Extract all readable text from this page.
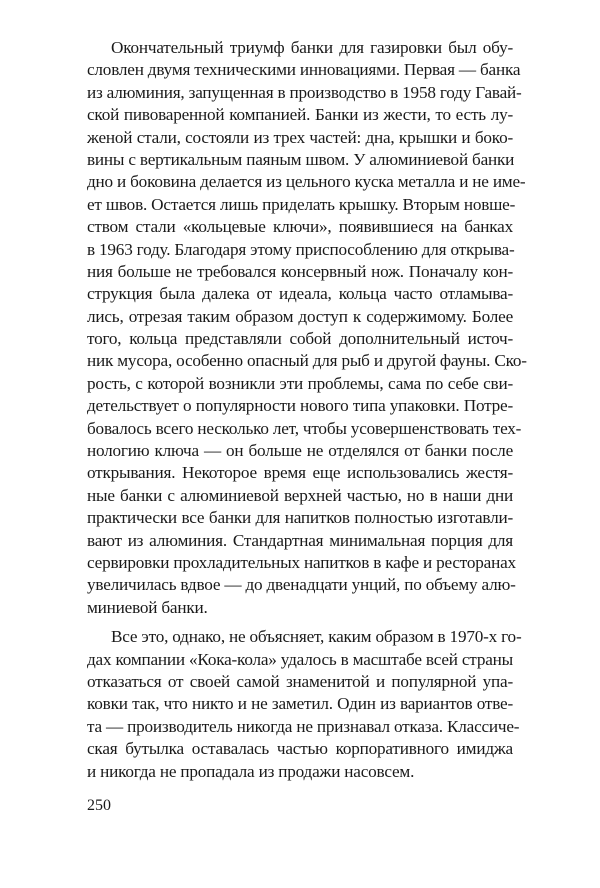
Окончательный триумф банки для газировки был обу-
словлен двумя техническими инновациями. Первая — банка
из алюминия, запущенная в производство в 1958 году Гавай-
ской пивоваренной компанией. Банки из жести, то есть лу-
женой стали, состояли из трех частей: дна, крышки и боко-
вины с вертикальным паяным швом. У алюминиевой банки
дно и боковина делается из цельного куска металла и не име-
ет швов. Остается лишь приделать крышку. Вторым новше-
ством стали «кольцевые ключи», появившиеся на банках
в 1963 году. Благодаря этому приспособлению для открыва-
ния больше не требовался консервный нож. Поначалу кон-
струкция была далека от идеала, кольца часто отламыва-
лись, отрезая таким образом доступ к содержимому. Более
того, кольца представляли собой дополнительный источ-
ник мусора, особенно опасный для рыб и другой фауны. Ско-
рость, с которой возникли эти проблемы, сама по себе сви-
детельствует о популярности нового типа упаковки. Потре-
бовалось всего несколько лет, чтобы усовершенствовать тех-
нологию ключа — он больше не отделялся от банки после
открывания. Некоторое время еще использовались жестя-
ные банки с алюминиевой верхней частью, но в наши дни
практически все банки для напитков полностью изготавли-
вают из алюминия. Стандартная минимальная порция для
сервировки прохладительных напитков в кафе и ресторанах
увеличилась вдвое — до двенадцати унций, по объему алю-
миниевой банки.
Все это, однако, не объясняет, каким образом в 1970-х го-
дах компании «Кока-кола» удалось в масштабе всей страны
отказаться от своей самой знаменитой и популярной упа-
ковки так, что никто и не заметил. Один из вариантов отве-
та — производитель никогда не признавал отказа. Классиче-
ская бутылка оставалась частью корпоративного имиджа
и никогда не пропадала из продажи насовсем.
250
